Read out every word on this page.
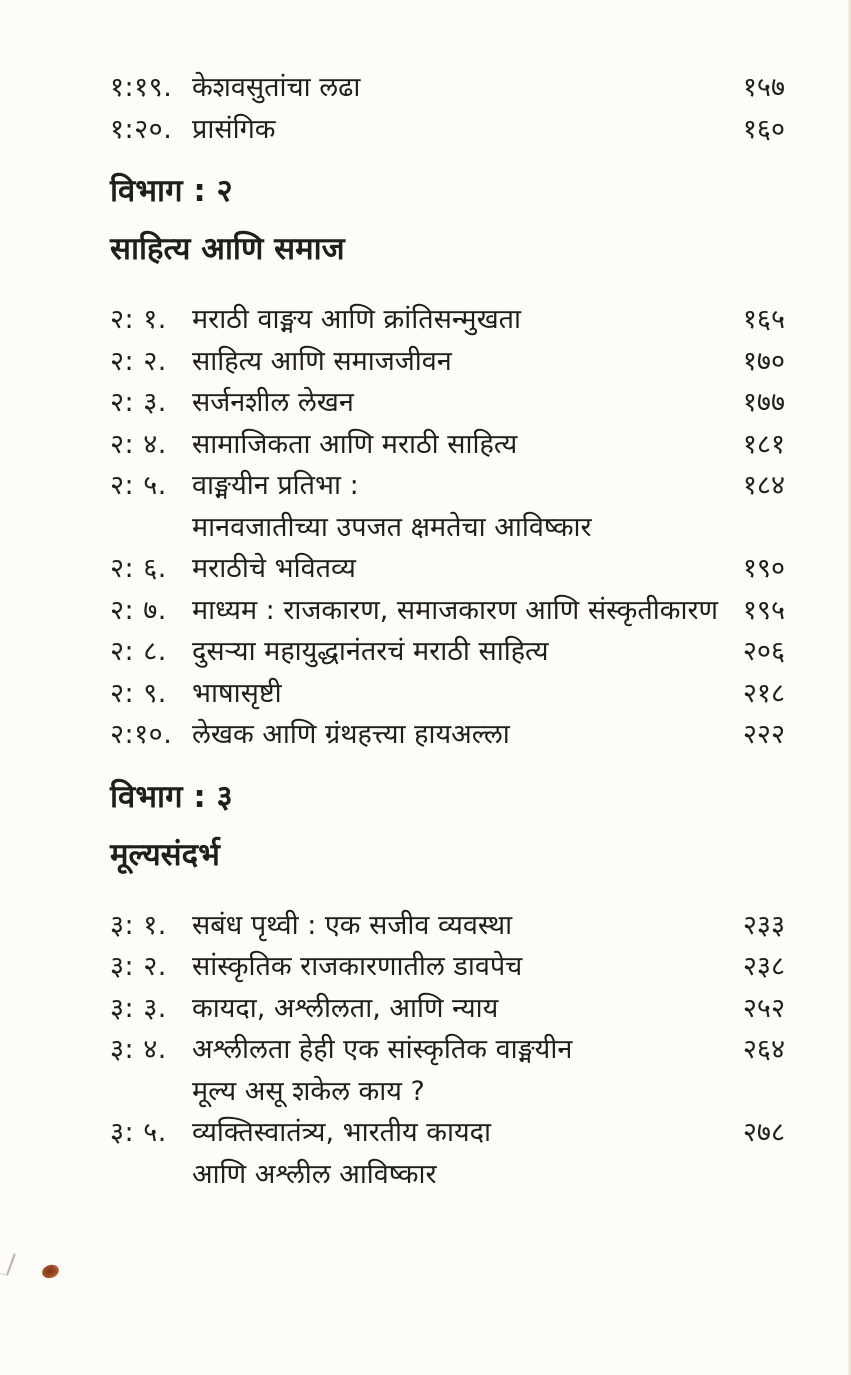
१:१९. केशवसुतांचा लढा	१५७
१:२०. प्रासंगिक	१६०
विभाग : २
साहित्य आणि समाज
२: १. मराठी वाङ्मय आणि क्रांतिसन्मुखता	१६५
२: २. साहित्य आणि समाजजीवन	१७०
२: ३. सर्जनशील लेखन	१७७
२: ४. सामाजिकता आणि मराठी साहित्य	१८१
२: ५. वाङ्मयीन प्रतिभा :	१८४
मानवजातीच्या उपजत क्षमतेचा आविष्कार
२: ६. मराठीचे भवितव्य	१९०
२: ७. माध्यम : राजकारण, समाजकारण आणि संस्कृतीकारण १९५
२: ८. दुसऱ्या महायुद्धानंतरचं मराठी साहित्य	२०६
२: ९. भाषासृष्टी	२१८
२:१०. लेखक आणि ग्रंथहत्त्या हायअल्ला	२२२
विभाग : ३
मूल्यसंदर्भ
३: १. सबंध पृथ्वी : एक सजीव व्यवस्था	२३३
३: २. सांस्कृतिक राजकारणातील डावपेच	२३८
३: ३. कायदा, अश्लीलता, आणि न्याय	२५२
३: ४. अश्लीलता हेही एक सांस्कृतिक वाङ्मयीन	२६४
मूल्य असू शकेल काय ?
३: ५. व्यक्तिस्वातंत्र्य, भारतीय कायदा	२७८
आणि अश्लील आविष्कार
